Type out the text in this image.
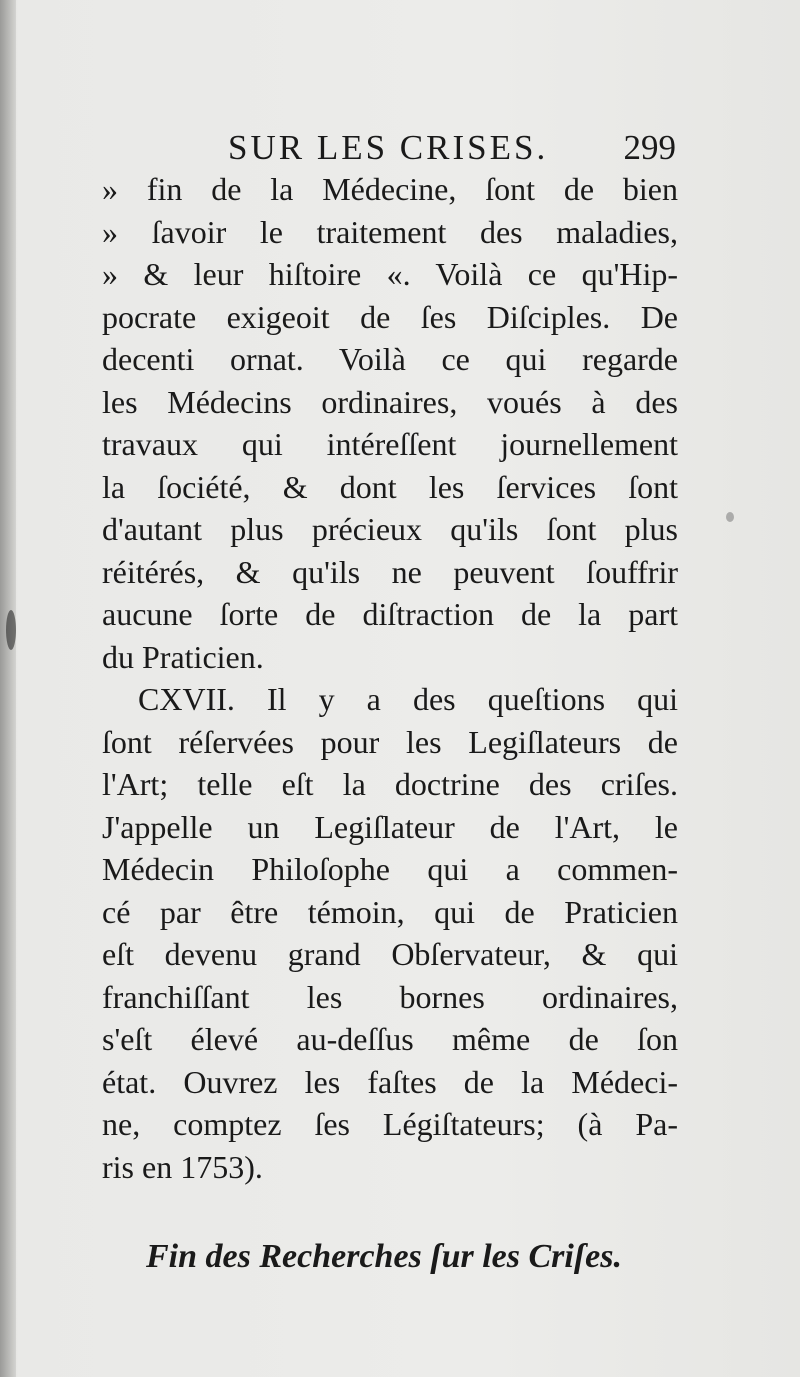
SUR LES CRISES. 299
» fin de la Médecine, ſont de bien
» ſavoir le traitement des maladies,
» & leur hiſtoire «. Voilà ce qu'Hip-
pocrate exigeoit de ſes Diſciples. De
decenti ornat. Voilà ce qui regarde
les Médecins ordinaires, voués à des
travaux qui intéreſſent journellement
la ſociété, & dont les ſervices ſont
d'autant plus précieux qu'ils ſont plus
réitérés, & qu'ils ne peuvent ſouffrir
aucune ſorte de diſtraction de la part
du Praticien.
CXVII. Il y a des queſtions qui
ſont réſervées pour les Legiſlateurs de
l'Art; telle eſt la doctrine des criſes.
J'appelle un Legiſlateur de l'Art, le
Médecin Philoſophe qui a commen-
cé par être témoin, qui de Praticien
eſt devenu grand Obſervateur, & qui
franchiſſant les bornes ordinaires,
s'eſt élevé au-deſſus même de ſon
état. Ouvrez les faſtes de la Médeci-
ne, comptez ſes Légiſtateurs; (à Pa-
ris en 1753).
Fin des Recherches ſur les Criſes.
